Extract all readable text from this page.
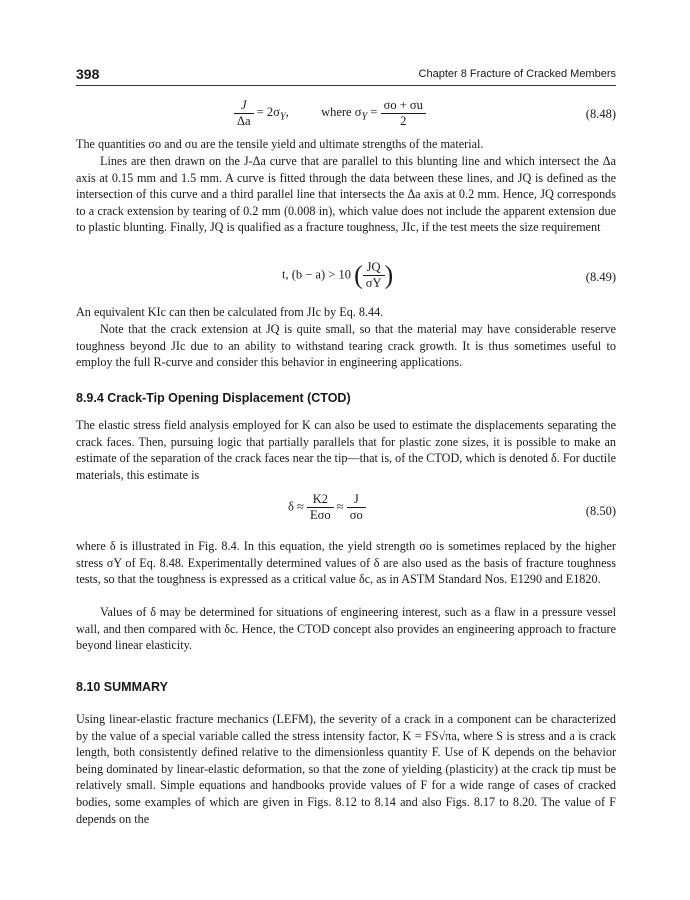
398	Chapter 8 Fracture of Cracked Members
$\frac{J}{\Delta a} = 2\sigma_Y$,	where $\sigma_Y = \frac{\sigma o + \sigma u}{2}$	(8.48)

The quantities σo and σu are the tensile yield and ultimate strengths of the material.

Lines are then drawn on the J-Δa curve that are parallel to this blunting line and which intersect the Δa axis at 0.15 mm and 1.5 mm. A curve is fitted through the data between these lines, and JQ is defined as the intersection of this curve and a third parallel line that intersects the Δa axis at 0.2 mm. Hence, JQ corresponds to a crack extension by tearing of 0.2 mm (0.008 in), which value does not include the apparent extension due to plastic blunting. Finally, JQ is qualified as a fracture toughness, JIc, if the test meets the size requirement

t, (b − a) > 10 ( $\frac{JQ}{\sigma Y}$ )	(8.49)

An equivalent KIc can then be calculated from JIc by Eq. 8.44.

Note that the crack extension at JQ is quite small, so that the material may have considerable reserve toughness beyond JIc due to an ability to withstand tearing crack growth. It is thus sometimes useful to employ the full R-curve and consider this behavior in engineering applications.

8.9.4 Crack-Tip Opening Displacement (CTOD)

The elastic stress field analysis employed for K can also be used to estimate the displacements separating the crack faces. Then, pursuing logic that partially parallels that for plastic zone sizes, it is possible to make an estimate of the separation of the crack faces near the tip—that is, of the CTOD, which is denoted δ. For ductile materials, this estimate is

$\delta \approx \frac{K2}{\text{Eσo}} \approx \frac{J}{\sigma o}$	(8.50)

where δ is illustrated in Fig. 8.4. In this equation, the yield strength σo is sometimes replaced by the higher stress σY of Eq. 8.48. Experimentally determined values of δ are also used as the basis of fracture toughness tests, so that the toughness is expressed as a critical value δc, as in ASTM Standard Nos. E1290 and E1820.

Values of δ may be determined for situations of engineering interest, such as a flaw in a pressure vessel wall, and then compared with δc. Hence, the CTOD concept also provides an engineering approach to fracture beyond linear elasticity.

8.10 SUMMARY

Using linear-elastic fracture mechanics (LEFM), the severity of a crack in a component can be characterized by the value of a special variable called the stress intensity factor, K = FS√πa, where S is stress and a is crack length, both consistently defined relative to the dimensionless quantity F. Use of K depends on the behavior being dominated by linear-elastic deformation, so that the zone of yielding (plasticity) at the crack tip must be relatively small. Simple equations and handbooks provide values of F for a wide range of cases of cracked bodies, some examples of which are given in Figs. 8.12 to 8.14 and also Figs. 8.17 to 8.20. The value of F depends on the
